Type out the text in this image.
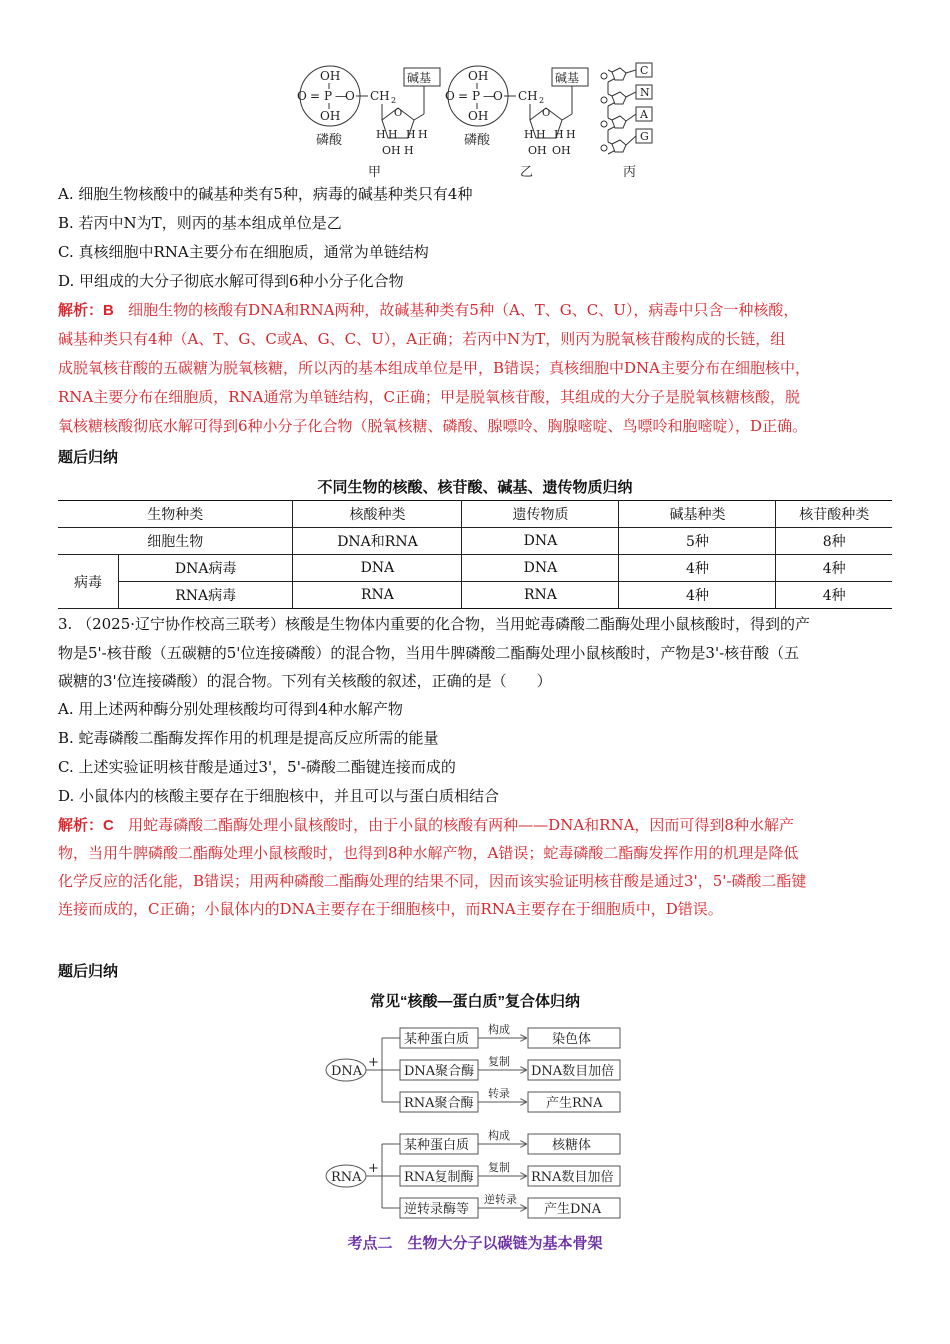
OH
O = P —
O
OH
CH 2
碱基
O
H	H
H H
OH H
磷酸
甲
OH
O = P —
O
OH
CH 2
碱基
O
H	H
H H
OH OH
磷酸
乙
C
N
A
G
丙
A. 细胞生物核酸中的碱基种类有5种，病毒的碱基种类只有4种
B. 若丙中N为T，则丙的基本组成单位是乙
C. 真核细胞中RNA主要分布在细胞质，通常为单链结构
D. 甲组成的大分子彻底水解可得到6种小分子化合物
解析：B 细胞生物的核酸有DNA和RNA两种，故碱基种类有5种（A、T、G、C、U），病毒中只含一种核酸，
碱基种类只有4种（A、T、G、C或A、G、C、U），A正确；若丙中N为T，则丙为脱氧核苷酸构成的长链，组
成脱氧核苷酸的五碳糖为脱氧核糖，所以丙的基本组成单位是甲，B错误；真核细胞中DNA主要分布在细胞核中，
RNA主要分布在细胞质，RNA通常为单链结构，C正确；甲是脱氧核苷酸，其组成的大分子是脱氧核糖核酸，脱
氧核糖核酸彻底水解可得到6种小分子化合物（脱氧核糖、磷酸、腺嘌呤、胸腺嘧啶、鸟嘌呤和胞嘧啶），D正确。
题后归纳
不同生物的核酸、核苷酸、碱基、遗传物质归纳
生物种类		核酸种类	遗传物质	碱基种类	核苷酸种类
细胞生物		DNA和RNA	DNA	5种	8种
病毒	DNA病毒	DNA	DNA	4种	4种
	RNA病毒	RNA	RNA	4种	4种
3. （2025·辽宁协作校高三联考）核酸是生物体内重要的化合物，当用蛇毒磷酸二酯酶处理小鼠核酸时，得到的产
物是5'-核苷酸（五碳糖的5'位连接磷酸）的混合物，当用牛脾磷酸二酯酶处理小鼠核酸时，产物是3'-核苷酸（五
碳糖的3'位连接磷酸）的混合物。下列有关核酸的叙述，正确的是（　　）
A. 用上述两种酶分别处理核酸均可得到4种水解产物
B. 蛇毒磷酸二酯酶发挥作用的机理是提高反应所需的能量
C. 上述实验证明核苷酸是通过3'，5'-磷酸二酯键连接而成的
D. 小鼠体内的核酸主要存在于细胞核中，并且可以与蛋白质相结合
解析：C 用蛇毒磷酸二酯酶处理小鼠核酸时，由于小鼠的核酸有两种——DNA和RNA，因而可得到8种水解产
物，当用牛脾磷酸二酯酶处理小鼠核酸时，也得到8种水解产物，A错误；蛇毒磷酸二酯酶发挥作用的机理是降低
化学反应的活化能，B错误；用两种磷酸二酯酶处理的结果不同，因而该实验证明核苷酸是通过3'，5'-磷酸二酯键
连接而成的，C正确；小鼠体内的DNA主要存在于细胞核中，而RNA主要存在于细胞质中，D错误。
题后归纳
常见“核酸—蛋白质”复合体归纳
DNA
+
某种蛋白质
DNA聚合酶
RNA聚合酶
构成
复制
转录
染色体
DNA数目加倍
产生RNA
RNA
+
某种蛋白质
RNA复制酶
逆转录酶等
构成
复制
逆转录
核糖体
RNA数目加倍
产生DNA
考点二　生物大分子以碳链为基本骨架
